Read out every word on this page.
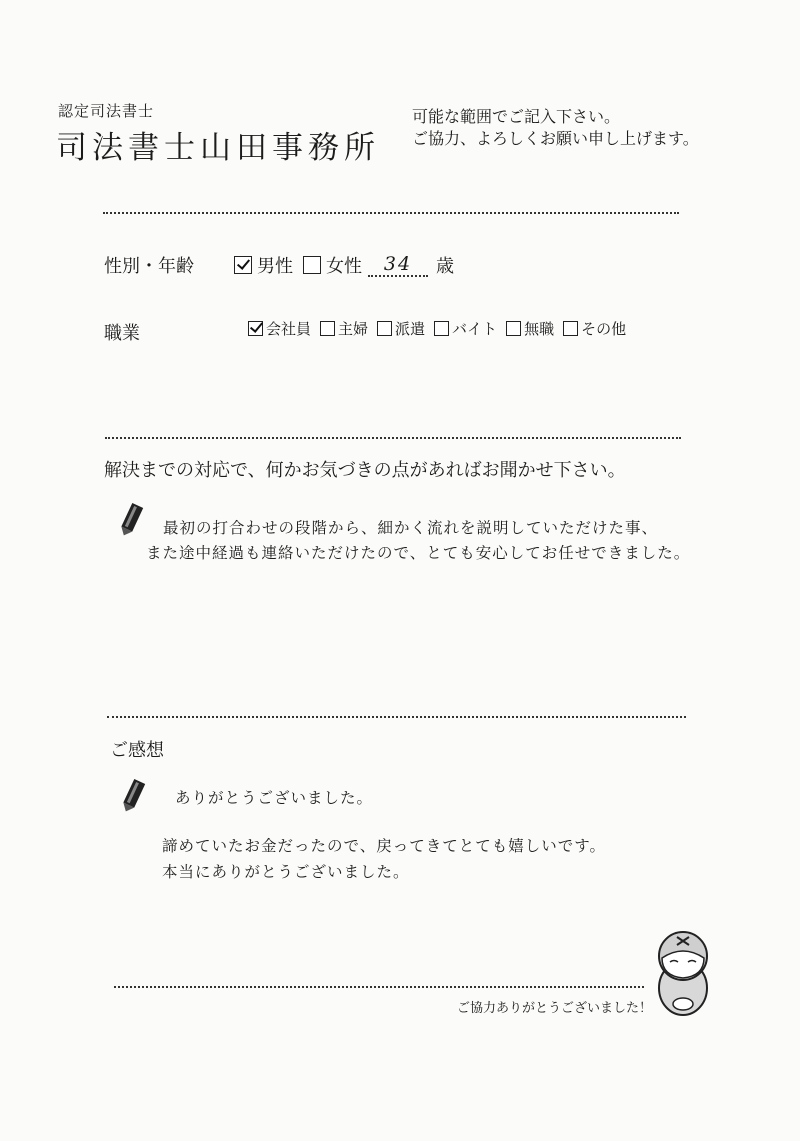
認定司法書士
司法書士山田事務所
可能な範囲でご記入下さい。
ご協力、よろしくお願い申し上げます。
性別・年齢	男性 女性	34	歳
職業	会社員 主婦 派遣 バイト 無職 その他
解決までの対応で、何かお気づきの点があればお聞かせ下さい。
最初の打合わせの段階から、細かく流れを説明していただけた事、
また途中経過も連絡いただけたので、とても安心してお任せできました。
ご感想
ありがとうございました。
諦めていたお金だったので、戻ってきてとても嬉しいです。
本当にありがとうございました。
ご協力ありがとうございました！
